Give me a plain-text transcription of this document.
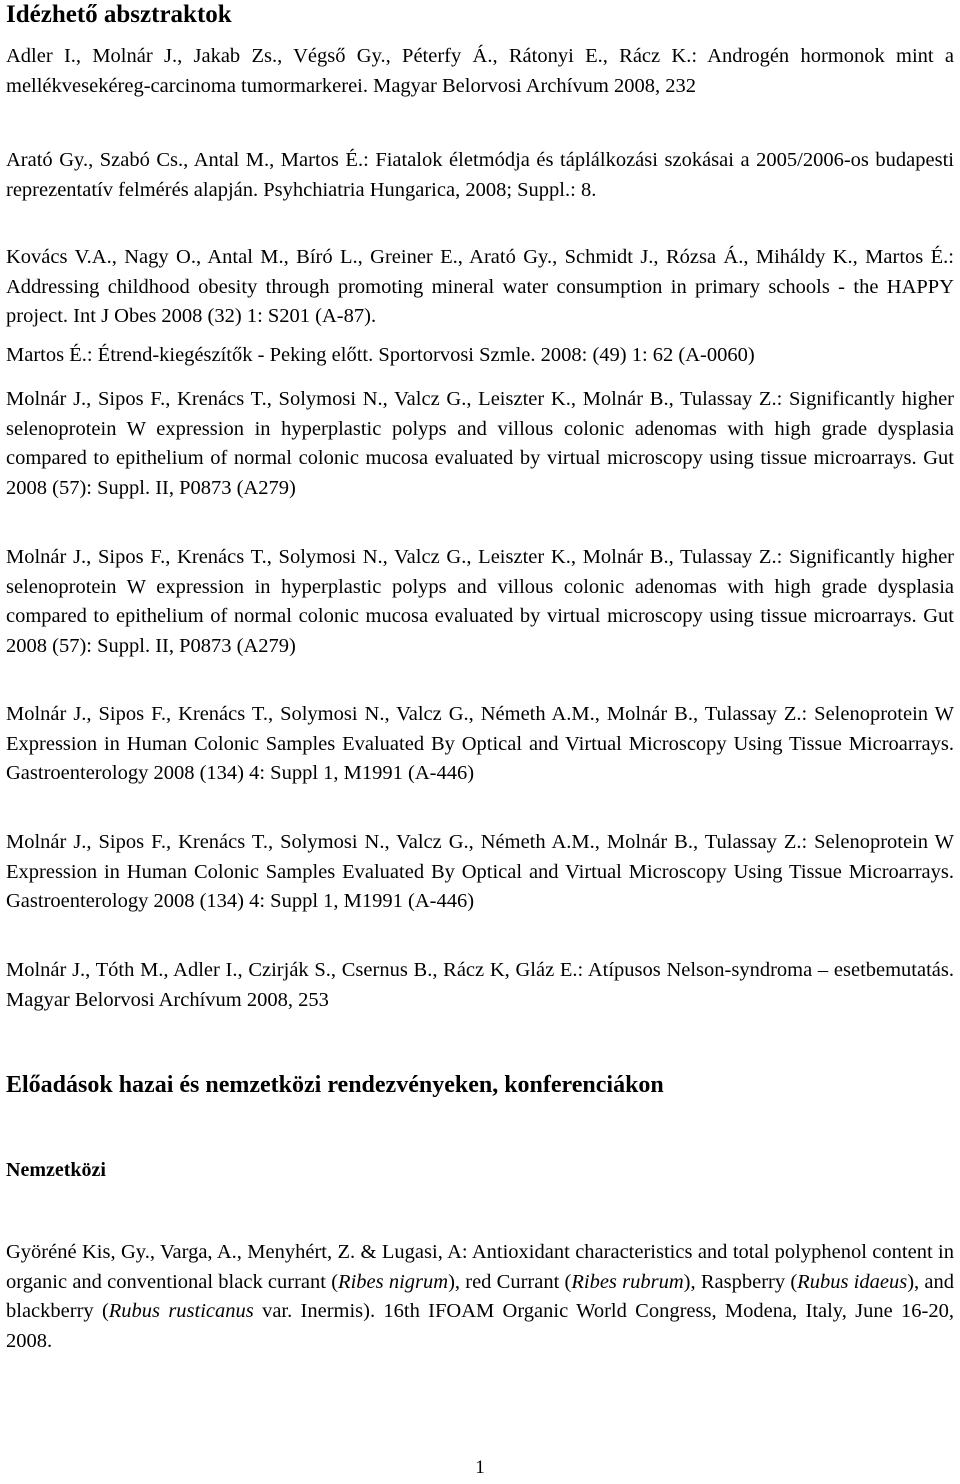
Idézhető absztraktok

Adler I., Molnár J., Jakab Zs., Végső Gy., Péterfy Á., Rátonyi E., Rácz K.: Androgén hormonok mint a mellékvesekéreg-carcinoma tumormarkerei. Magyar Belorvosi Archívum 2008, 232

Arató Gy., Szabó Cs., Antal M., Martos É.: Fiatalok életmódja és táplálkozási szokásai a 2005/2006-os budapesti reprezentatív felmérés alapján. Psyhchiatria Hungarica, 2008; Suppl.: 8.

Kovács V.A., Nagy O., Antal M., Bíró L., Greiner E., Arató Gy., Schmidt J., Rózsa Á., Miháldy K., Martos É.: Addressing childhood obesity through promoting mineral water consumption in primary schools - the HAPPY project. Int J Obes 2008 (32) 1: S201 (A-87).

Martos É.: Étrend-kiegészítők - Peking előtt. Sportorvosi Szmle. 2008: (49) 1: 62 (A-0060)

Molnár J., Sipos F., Krenács T., Solymosi N., Valcz G., Leiszter K., Molnár B., Tulassay Z.: Significantly higher selenoprotein W expression in hyperplastic polyps and villous colonic adenomas with high grade dysplasia compared to epithelium of normal colonic mucosa evaluated by virtual microscopy using tissue microarrays. Gut 2008 (57): Suppl. II, P0873 (A279)

Molnár J., Sipos F., Krenács T., Solymosi N., Valcz G., Leiszter K., Molnár B., Tulassay Z.: Significantly higher selenoprotein W expression in hyperplastic polyps and villous colonic adenomas with high grade dysplasia compared to epithelium of normal colonic mucosa evaluated by virtual microscopy using tissue microarrays. Gut 2008 (57): Suppl. II, P0873 (A279)

Molnár J., Sipos F., Krenács T., Solymosi N., Valcz G., Németh A.M., Molnár B., Tulassay Z.: Selenoprotein W Expression in Human Colonic Samples Evaluated By Optical and Virtual Microscopy Using Tissue Microarrays. Gastroenterology 2008 (134) 4: Suppl 1, M1991 (A-446)

Molnár J., Sipos F., Krenács T., Solymosi N., Valcz G., Németh A.M., Molnár B., Tulassay Z.: Selenoprotein W Expression in Human Colonic Samples Evaluated By Optical and Virtual Microscopy Using Tissue Microarrays. Gastroenterology 2008 (134) 4: Suppl 1, M1991 (A-446)

Molnár J., Tóth M., Adler I., Czirják S., Csernus B., Rácz K, Gláz E.: Atípusos Nelson-syndroma – esetbemutatás. Magyar Belorvosi Archívum 2008, 253

Előadások hazai és nemzetközi rendezvényeken, konferenciákon
Nemzetközi

Györéné Kis, Gy., Varga, A., Menyhért, Z. & Lugasi, A: Antioxidant characteristics and total polyphenol content in organic and conventional black currant (Ribes nigrum), red Currant (Ribes rubrum), Raspberry (Rubus idaeus), and blackberry (Rubus rusticanus var. Inermis). 16th IFOAM Organic World Congress, Modena, Italy, June 16-20, 2008.

1
